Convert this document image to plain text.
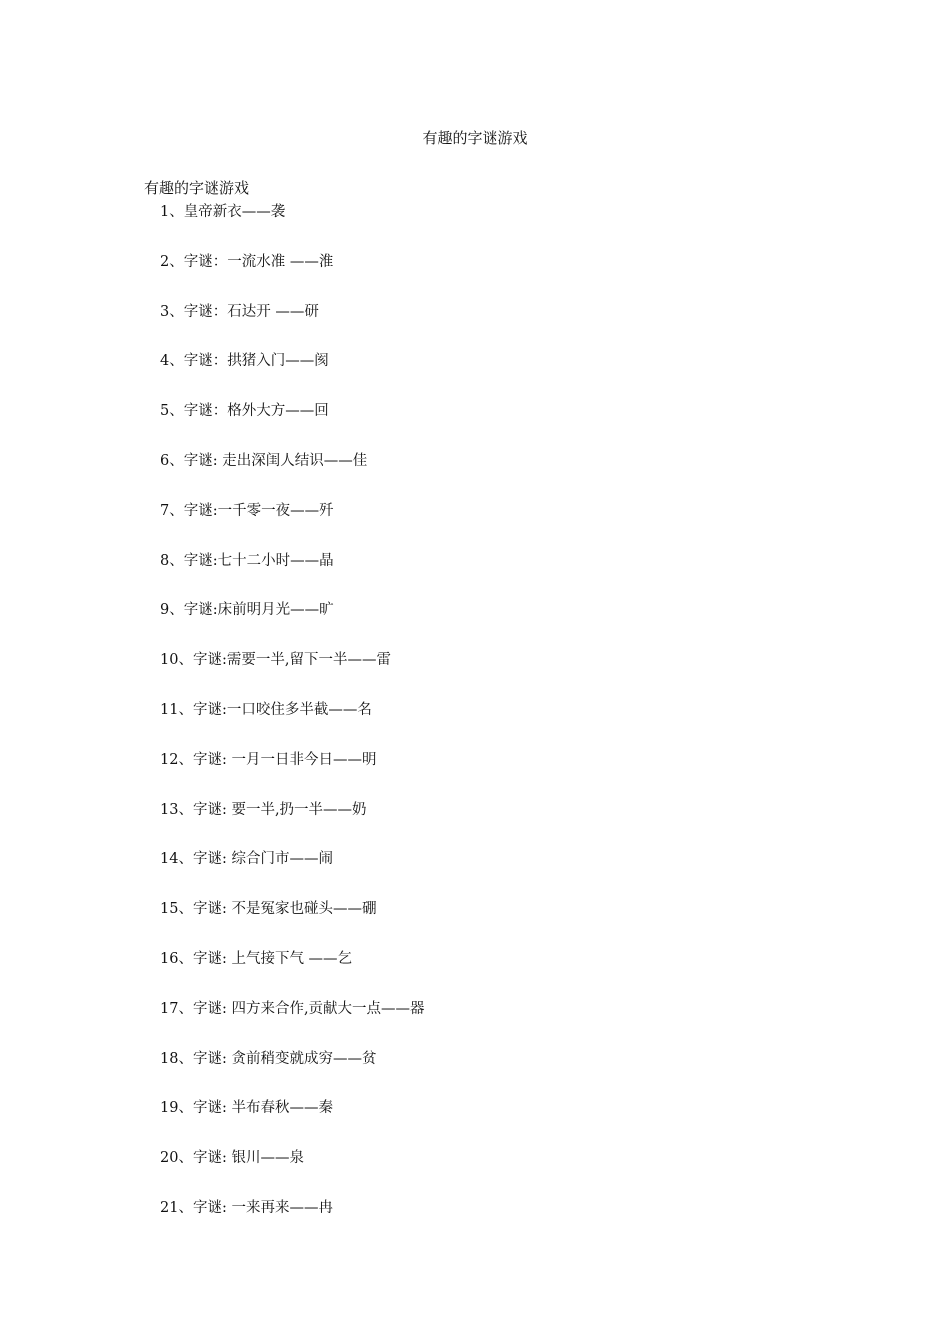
有趣的字谜游戏
有趣的字谜游戏
1、皇帝新衣——袭
2、字谜：一流水准 ——淮
3、字谜：石达开 ——研
4、字谜：拱猪入门——阂
5、字谜：格外大方——回
6、字谜: 走出深闺人结识——佳
7、字谜:一千零一夜——歼
8、字谜:七十二小时——晶
9、字谜:床前明月光——旷
10、字谜:需要一半,留下一半——雷
11、字谜:一口咬住多半截——名
12、字谜: 一月一日非今日——明
13、字谜: 要一半,扔一半——奶
14、字谜: 综合门市——闹
15、字谜: 不是冤家也碰头——硼
16、字谜: 上气接下气 ——乞
17、字谜: 四方来合作,贡献大一点——器
18、字谜: 贪前稍变就成穷——贫
19、字谜: 半布春秋——秦
20、字谜: 银川——泉
21、字谜: 一来再来——冉
